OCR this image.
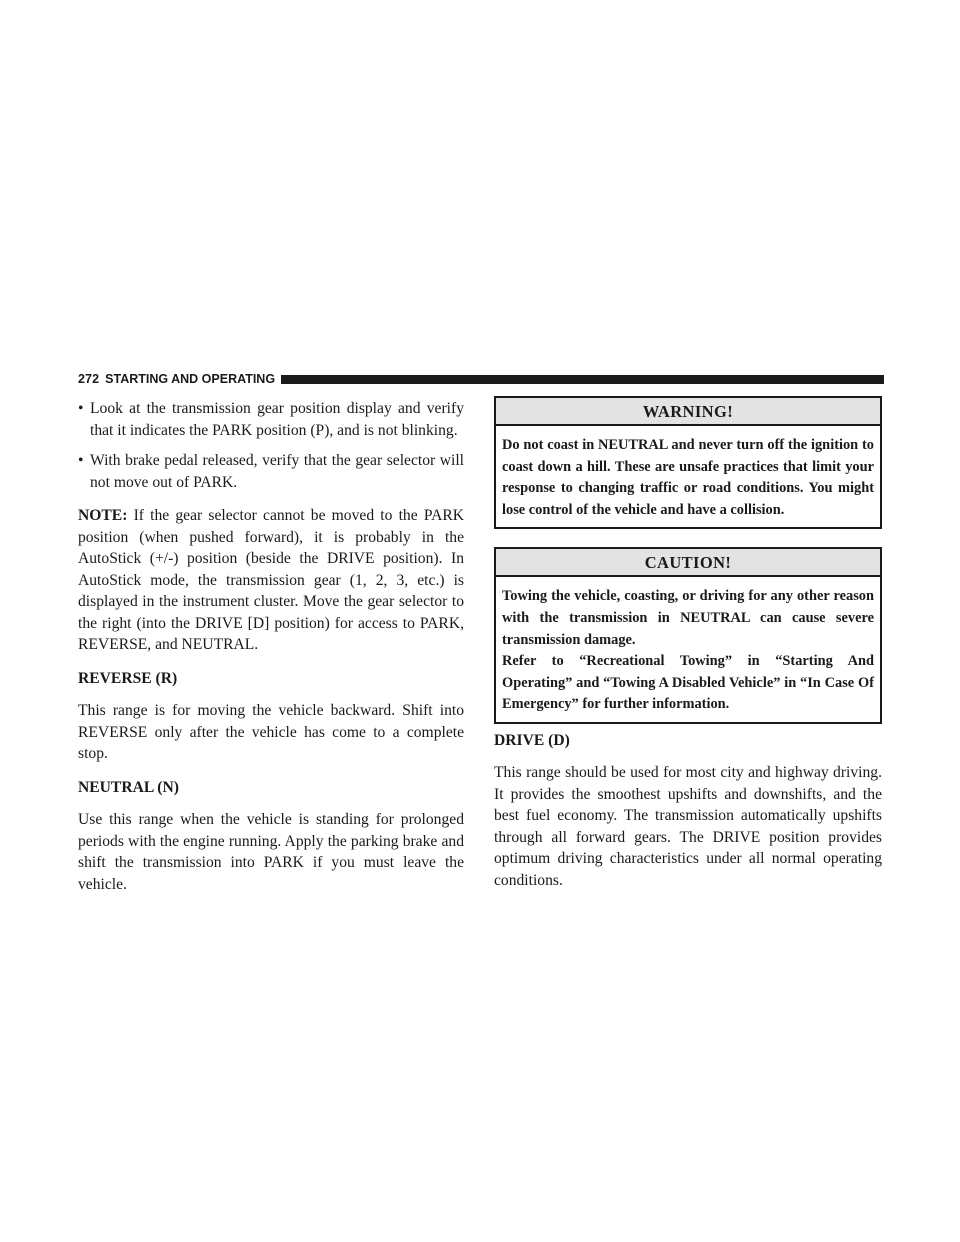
272 STARTING AND OPERATING
• Look at the transmission gear position display and verify that it indicates the PARK position (P), and is not blinking.
• With brake pedal released, verify that the gear selector will not move out of PARK.

NOTE: If the gear selector cannot be moved to the PARK position (when pushed forward), it is probably in the AutoStick (+/-) position (beside the DRIVE position). In AutoStick mode, the transmission gear (1, 2, 3, etc.) is displayed in the instrument cluster. Move the gear selector to the right (into the DRIVE [D] position) for access to PARK, REVERSE, and NEUTRAL.

REVERSE (R)

This range is for moving the vehicle backward. Shift into REVERSE only after the vehicle has come to a complete stop.

NEUTRAL (N)

Use this range when the vehicle is standing for prolonged periods with the engine running. Apply the parking brake and shift the transmission into PARK if you must leave the vehicle.

WARNING!

Do not coast in NEUTRAL and never turn off the ignition to coast down a hill. These are unsafe practices that limit your response to changing traffic or road conditions. You might lose control of the vehicle and have a collision.

CAUTION!

Towing the vehicle, coasting, or driving for any other reason with the transmission in NEUTRAL can cause severe transmission damage.

Refer to “Recreational Towing” in “Starting And Operating” and “Towing A Disabled Vehicle” in “In Case Of Emergency” for further information.

DRIVE (D)

This range should be used for most city and highway driving. It provides the smoothest upshifts and downshifts, and the best fuel economy. The transmission automatically upshifts through all forward gears. The DRIVE position provides optimum driving characteristics under all normal operating conditions.
